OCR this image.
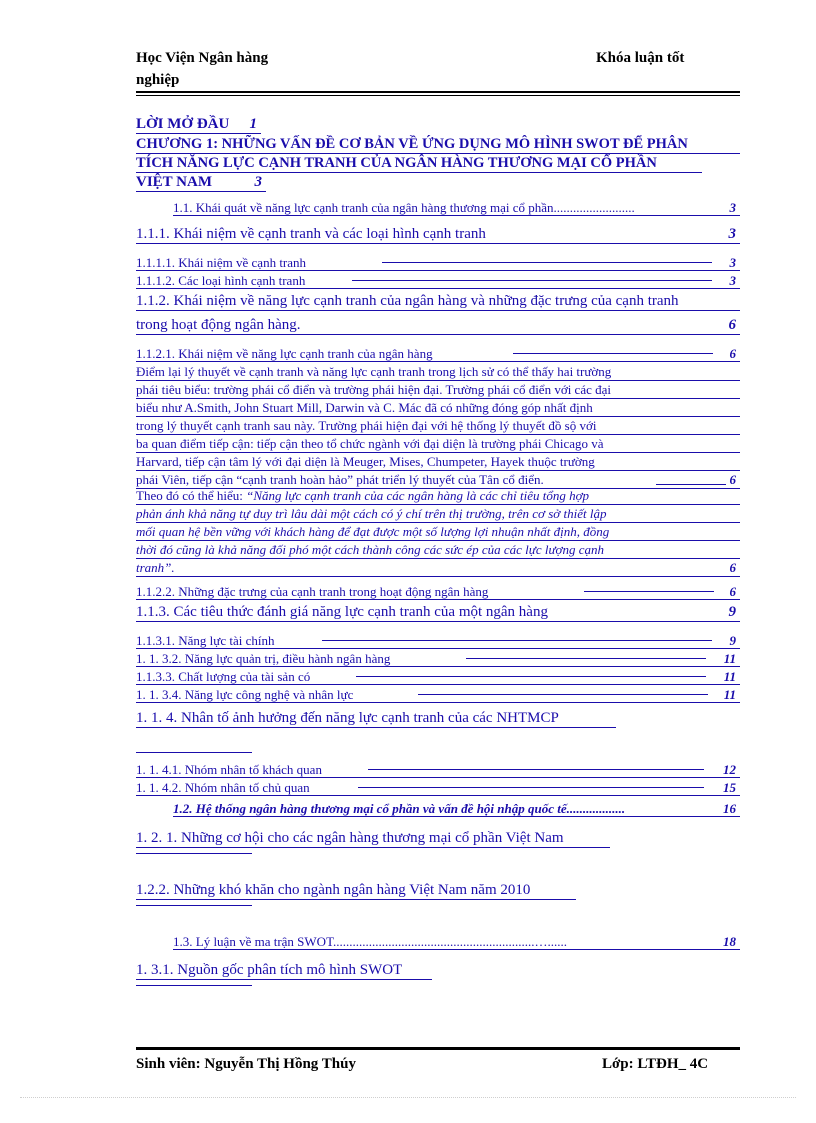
Học Viện Ngân hàng	Khóa luận tốt
nghiệp
LỜI MỞ ĐẦU 1
CHƯƠNG 1: NHỮNG VẤN ĐỀ CƠ BẢN VỀ ỨNG DỤNG MÔ HÌNH SWOT ĐỂ PHÂN
TÍCH NĂNG LỰC CẠNH TRANH CỦA NGÂN HÀNG THƯƠNG MẠI CỔ PHẦN
VIỆT NAM	3
1.1. Khái quát về năng lực cạnh tranh của ngân hàng thương mại cổ phần.........................	3
1.1.1. Khái niệm về cạnh tranh và các loại hình cạnh tranh	3
1.1.1.1. Khái niệm về cạnh tranh	3
1.1.1.2. Các loại hình cạnh tranh	3
1.1.2. Khái niệm về năng lực cạnh tranh của ngân hàng và những đặc trưng của cạnh tranh
trong hoạt động ngân hàng.	6
1.1.2.1. Khái niệm về năng lực cạnh tranh của ngân hàng	6
Điểm lại lý thuyết về cạnh tranh và năng lực cạnh tranh trong lịch sử có thể thấy hai trường
phái tiêu biểu: trường phái cổ điển và trường phái hiện đại. Trường phái cổ điển với các đại
biểu như A.Smith, John Stuart Mill, Darwin và C. Mác đã có những đóng góp nhất định
trong lý thuyết cạnh tranh sau này. Trường phái hiện đại với hệ thống lý thuyết đồ sộ với
ba quan điểm tiếp cận: tiếp cận theo tổ chức ngành với đại diện là trường phái Chicago và
Harvard, tiếp cận tâm lý với đại diện là Meuger, Mises, Chumpeter, Hayek thuộc trường
phái Viên, tiếp cận “cạnh tranh hoàn hảo” phát triển lý thuyết của Tân cổ điển.	6
Theo đó có thể hiểu: “Năng lực cạnh tranh của các ngân hàng là các chỉ tiêu tổng hợp
phản ánh khả năng tự duy trì lâu dài một cách có ý chí trên thị trường, trên cơ sở thiết lập
mối quan hệ bền vững với khách hàng để đạt được một số lượng lợi nhuận nhất định, đồng
thời đó cũng là khả năng đối phó một cách thành công các sức ép của các lực lượng cạnh
tranh”.	6
1.1.2.2. Những đặc trưng của cạnh tranh trong hoạt động ngân hàng	6
1.1.3. Các tiêu thức đánh giá năng lực cạnh tranh của một ngân hàng	9
1.1.3.1. Năng lực tài chính	9
1. 1. 3.2. Năng lực quản trị, điều hành ngân hàng	11
1.1.3.3. Chất lượng của tài sản có	11
1. 1. 3.4. Năng lực công nghệ và nhân lực	11
1. 1. 4. Nhân tố ảnh hưởng đến năng lực cạnh tranh của các NHTMCP
1. 1. 4.1. Nhóm nhân tố khách quan	12
1. 1. 4.2. Nhóm nhân tố chủ quan	15
1.2. Hệ thống ngân hàng thương mại cổ phần và vấn đề hội nhập quốc tế..................	16
1. 2. 1. Những cơ hội cho các ngân hàng thương mại cổ phần Việt Nam
1.2.2. Những khó khăn cho ngành ngân hàng Việt Nam năm 2010
1.3. Lý luận về ma trận SWOT..............................................................…......	18
1. 3.1. Nguồn gốc phân tích mô hình SWOT
Sinh viên: Nguyễn Thị Hồng Thúy	Lớp: LTĐH_ 4C
